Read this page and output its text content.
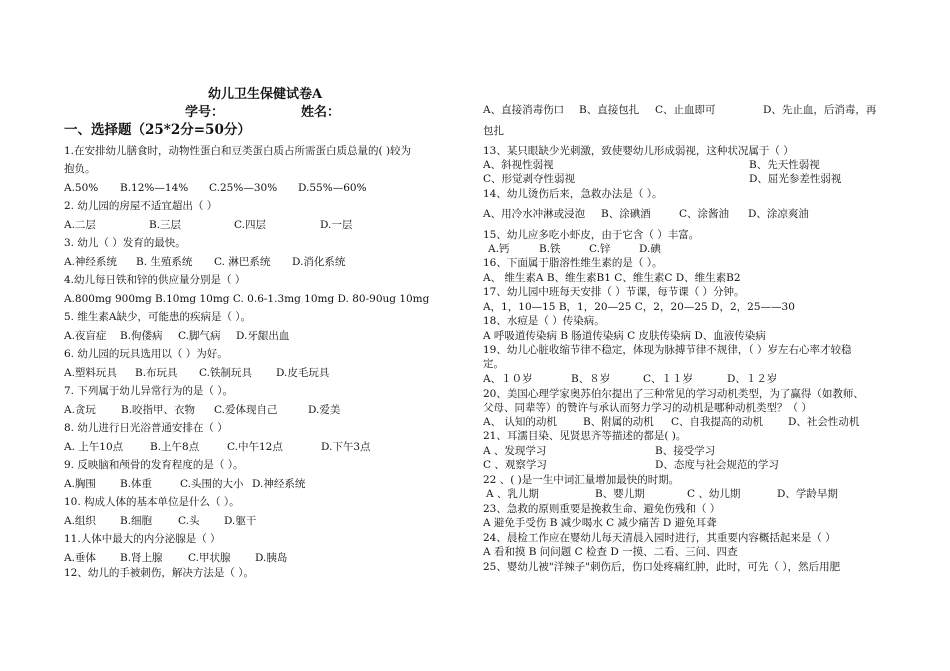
幼儿卫生保健试卷A
学号：	姓名：
一、选择题（25*2分=50分）
1.在安排幼儿膳食时，动物性蛋白和豆类蛋白质占所需蛋白质总量的( )较为
抱负。
A.50% B.12%—14% C.25%—30% D.55%—60%
2. 幼儿园的房屋不适宜超出（ ）
A.二层	B.三层	C.四层	D.一层
3. 幼儿（ ）发育的最快。
A.神经系统 B. 生殖系统 C. 淋巴系统 D.消化系统
4.幼儿每日铁和锌的供应量分别是（ ）
A.800mg 900mg B.10mg 10mg C. 0.6-1.3mg 10mg D. 80-90ug 10mg
5. 维生素A缺少，可能患的疾病是（ ）。
A.夜盲症 B.佝偻病 C.脚气病 D.牙龈出血
6. 幼儿园的玩具选用以（ ）为好。
A.塑料玩具 B.布玩具 C.铁制玩具 D.皮毛玩具
7. 下列属于幼儿异常行为的是（ ）。
A.贪玩 B.咬指甲、衣物 C.爱体现自己	D.爱美
8. 幼儿进行日光浴普通安排在（ ）
A. 上午10点	B.上午8点	C.中午12点	D.下午3点
9. 反映脑和颅骨的发育程度的是（ ）。
A.胸围 B.体重	C.头围的大小 D.神经系统
10. 构成人体的基本单位是什么（ ）。
A.组织 B.细胞 C.头 D.躯干
11.人体中最大的内分泌腺是（ ）
A.垂体 B.肾上腺 C.甲状腺 D.胰岛
12、幼儿的手被刺伤，解决方法是（ ）。
A、直接消毒伤口 B、直接包扎 C、止血即可	D、先止血，后消毒，再
包扎
13、某只眼缺少光刺激，致使婴幼儿形成弱视，这种状况属于（ ）
A、斜视性弱视	B、先天性弱视
C、形觉剥夺性弱视	D、屈光参差性弱视
14、幼儿烫伤后来，急救办法是（ ）。
A、用冷水冲淋或浸泡 B、涂碘酒	C、涂酱油 D、涂凉爽油
15、幼儿应多吃小虾皮，由于它含（ ）丰富。
A.钙	B.铁	C.锌	D.碘
16、下面属于脂溶性维生素的是（ ）。
A、 维生素A B、维生素B1 C、维生素C D、维生素B2
17、幼儿园中班每天安排（ ）节课，每节课（ ）分钟。
A，1，10—15 B，1，20—25 C，2，20—25 D，2，25——30
18、水痘是（ ）传染病。
A 呼吸道传染病 B 肠道传染病 C 皮肤传染病 D、血液传染病
19、幼儿心脏收缩节律不稳定，体现为脉搏节律不规律，（ ）岁左右心率才较稳
定。
A、１０岁	B、８岁	C、１１岁	D、１２岁
20、美国心理学家奥苏伯尔提出了三种常见的学习动机类型，为了赢得（如教师、
父母、同辈等）的赞许与承认而努力学习的动机是哪种动机类型？（ ）
A、 认知的动机 B、附属的动机 C、自我提高的动机 D、社会性动机
21、耳濡目染、见贤思齐等描述的都是( )。
A 、发现学习	B、接受学习
C 、观察学习	D、态度与社会规范的学习
22 、( )是一生中词汇量增加最快的时期。
A 、乳儿期	B、婴儿期	C 、幼儿期	D、学龄早期
23、急救的原则重要是挽救生命、避免伤残和（ ）
A 避免手受伤 B 减少喝水 C 减少痛苦 D 避免耳聋
24、晨检工作应在婴幼儿每天清晨入园时进行，其重要内容概括起来是（ ）
A 看和摸 B 问问题 C 检查 D 一摸、二看、三问、四查
25、婴幼儿被"洋辣子"刺伤后，伤口处疼痛红肿，此时，可先（ ），然后用肥
